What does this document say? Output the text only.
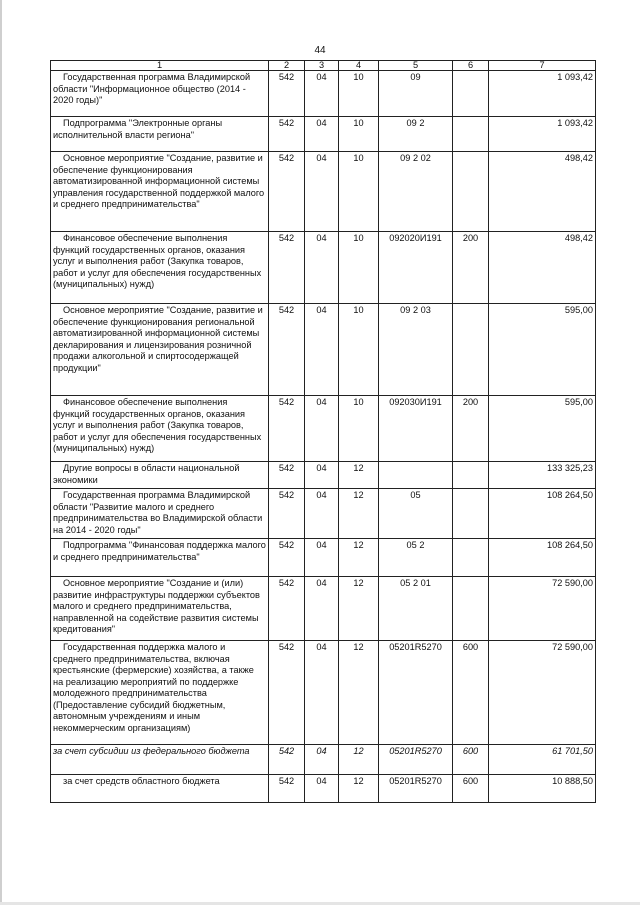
44
1	2	3	4	5	6	7
Государственная программа Владимирской области "Информационное общество (2014 - 2020 годы)"	542	04	10	09		1 093,42
Подпрограмма "Электронные органы исполнительной власти региона"	542	04	10	09 2		1 093,42
Основное мероприятие "Создание, развитие и обеспечение функционирования автоматизированной информационной системы управления государственной поддержкой малого и среднего предпринимательства"	542	04	10	09 2 02		498,42
Финансовое обеспечение выполнения функций государственных органов, оказания услуг и выполнения работ (Закупка товаров, работ и услуг для обеспечения государственных (муниципальных) нужд)	542	04	10	092020И191	200	498,42
Основное мероприятие "Создание, развитие и обеспечение функционирования региональной автоматизированной информационной системы декларирования и лицензирования розничной продажи алкогольной и спиртосодержащей продукции"	542	04	10	09 2 03		595,00
Финансовое обеспечение выполнения функций государственных органов, оказания услуг и выполнения работ (Закупка товаров, работ и услуг для обеспечения государственных (муниципальных) нужд)	542	04	10	092030И191	200	595,00
Другие вопросы в области национальной экономики	542	04	12			133 325,23
Государственная программа Владимирской области "Развитие малого и среднего предпринимательства во Владимирской области на 2014 - 2020 годы"	542	04	12	05		108 264,50
Подпрограмма "Финансовая поддержка малого и среднего предпринимательства"	542	04	12	05 2		108 264,50
Основное мероприятие "Создание и (или) развитие инфраструктуры поддержки субъектов малого и среднего предпринимательства, направленной на содействие развития системы кредитования"	542	04	12	05 2 01		72 590,00
Государственная поддержка малого и среднего предпринимательства, включая крестьянские (фермерские) хозяйства, а также на реализацию мероприятий по поддержке молодежного предпринимательства (Предоставление субсидий бюджетным, автономным учреждениям и иным некоммерческим организациям)	542	04	12	05201R5270	600	72 590,00
за счет субсидии из федерального бюджета	542	04	12	05201R5270	600	61 701,50
за счет средств областного бюджета	542	04	12	05201R5270	600	10 888,50
